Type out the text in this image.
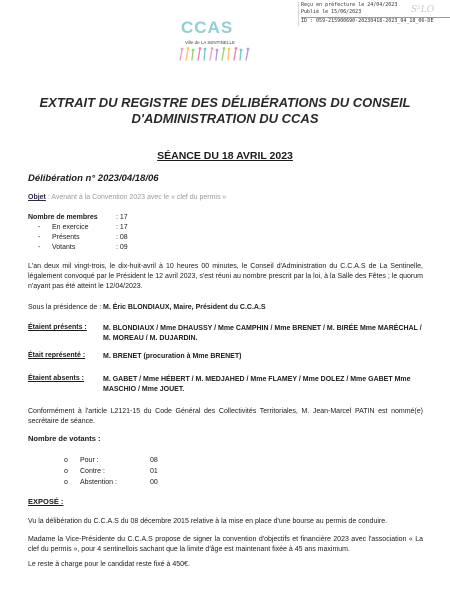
Reçu en préfecture le 24/04/2023
Publié le 15/06/2023
ID : 059-215900690-20230418-2023_04_18_06-DE
S²LO
CCAS
Ville de LA SENTINELLE
EXTRAIT DU REGISTRE DES DÉLIBÉRATIONS DU CONSEIL
D'ADMINISTRATION DU CCAS
SÉANCE DU 18 AVRIL 2023
Délibération n° 2023/04/18/06
Objet : Avenant à la Convention 2023 avec le « clef du permis »
Nombre de membres	: 17
- En exercice	: 17
- Présents	: 08
- Votants	: 09
L'an deux mil vingt-trois, le dix-huit-avril à 10 heures 00 minutes, le Conseil d'Administration du C.C.A.S de La Sentinelle, légalement convoqué par le Président le 12 avril 2023, s'est réuni au nombre prescrit par la loi, à la Salle des Fêtes ; le quorum n'ayant pas été atteint le 12/04/2023.
Sous la présidence de : M. Éric BLONDIAUX, Maire, Président du C.C.A.S
Étaient présents : M. BLONDIAUX / Mme DHAUSSY / Mme CAMPHIN / Mme BRENET / M. BIRÉE Mme MARÉCHAL / M. MOREAU / M. DUJARDIN.
Était représenté :	M. BRENET (procuration à Mme BRENET)
Étaient absents :	M. GABET / Mme HÉBERT / M. MEDJAHED / Mme FLAMEY / Mme DOLEZ / Mme GABET Mme MASCHIO / Mme JOUET.
Conformément à l'article L2121-15 du Code Général des Collectivités Territoriales, M. Jean-Marcel PATIN est nommé(e) secrétaire de séance.
Nombre de votants :
o	Pour :	08
o	Contre :	01
o	Abstention :	00
EXPOSÉ :
Vu la délibération du C.C.A.S du 08 décembre 2015 relative à la mise en place d'une bourse au permis de conduire.
Madame la Vice-Présidente du C.C.A.S propose de signer la convention d'objectifs et financière 2023 avec l'association « La clef du permis », pour 4 sentinellois sachant que la limite d'âge est maintenant fixée à 45 ans maximum.
Le reste à charge pour le candidat reste fixé à 450€.
